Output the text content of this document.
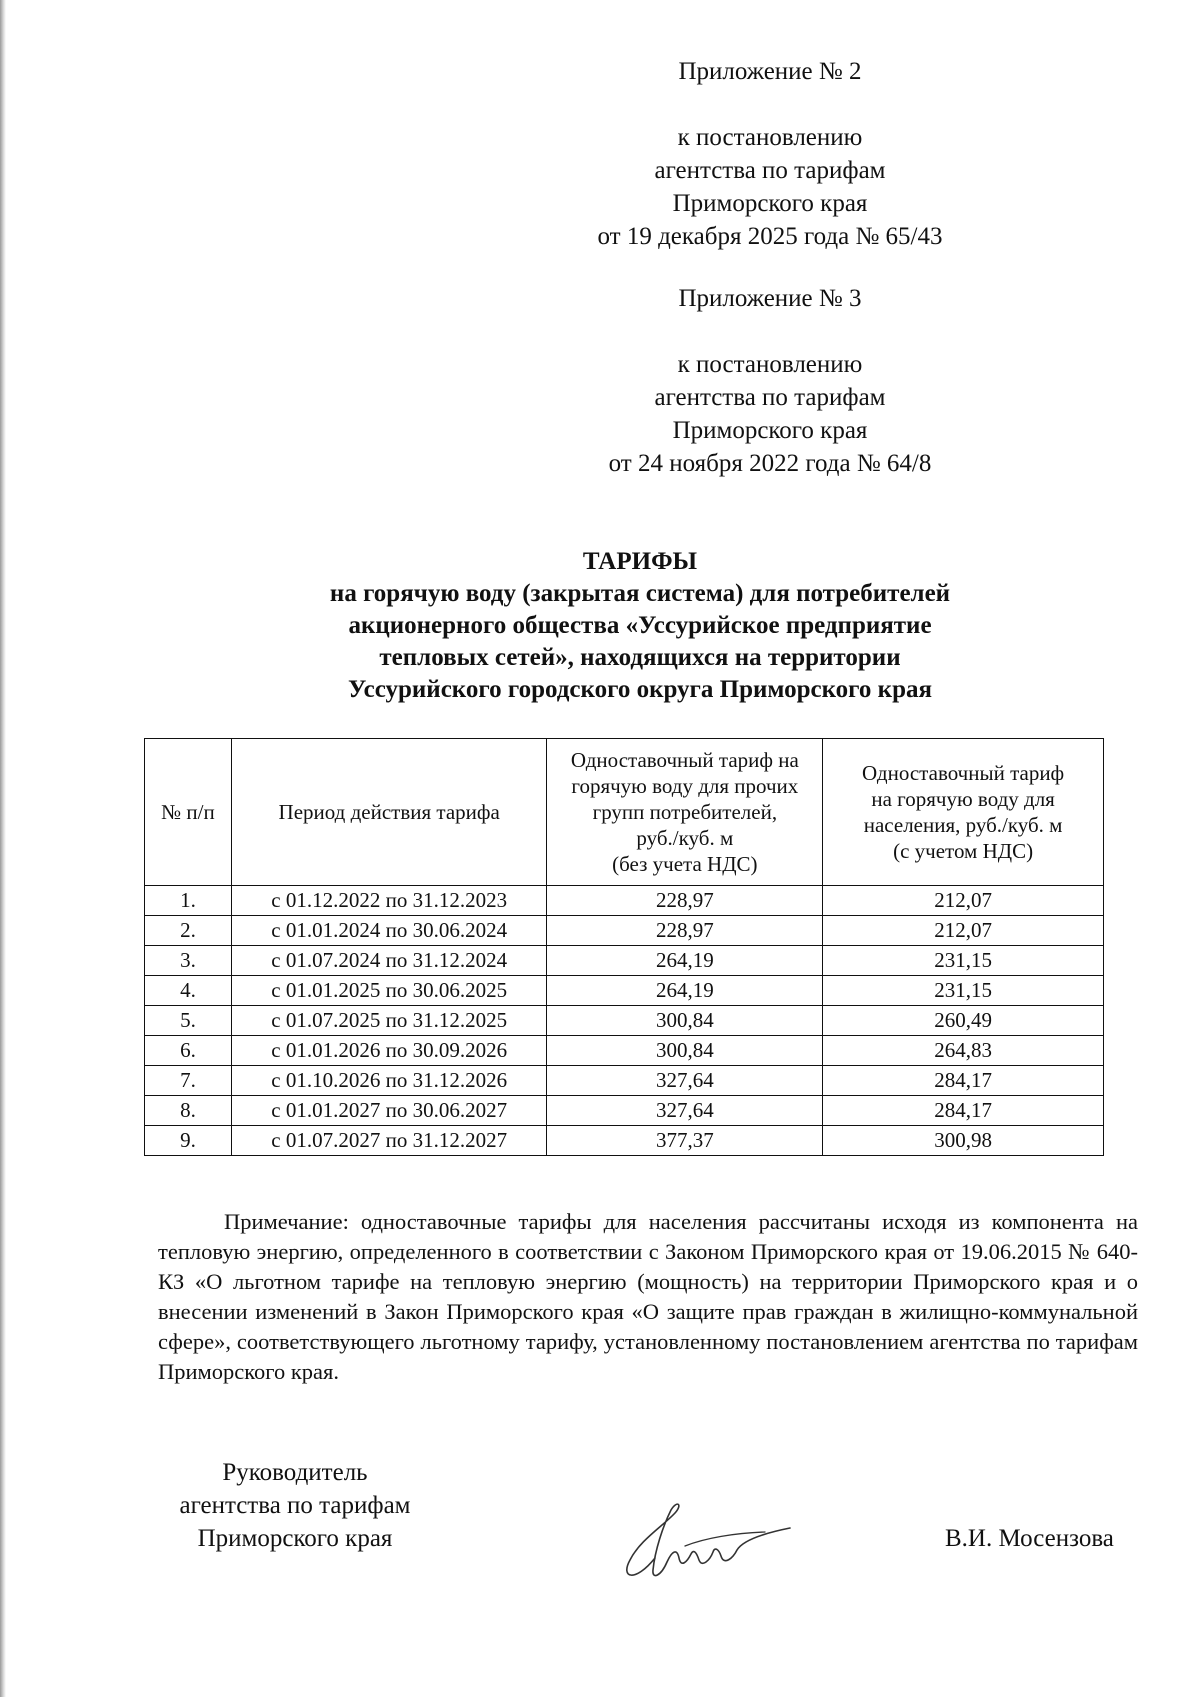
Приложение № 2
к постановлению
агентства по тарифам
Приморского края
от 19 декабря 2025 года № 65/43
Приложение № 3
к постановлению
агентства по тарифам
Приморского края
от 24 ноября 2022 года № 64/8
ТАРИФЫ
на горячую воду (закрытая система) для потребителей
акционерного общества «Уссурийское предприятие
тепловых сетей», находящихся на территории
Уссурийского городского округа Приморского края
№ п/п	Период действия тарифа	Одноставочный тариф на
горячую воду для прочих
групп потребителей,
руб./куб. м
(без учета НДС)	Одноставочный тариф
на горячую воду для
населения, руб./куб. м
(с учетом НДС)
1.	с 01.12.2022 по 31.12.2023	228,97	212,07
2.	с 01.01.2024 по 30.06.2024	228,97	212,07
3.	с 01.07.2024 по 31.12.2024	264,19	231,15
4.	с 01.01.2025 по 30.06.2025	264,19	231,15
5.	с 01.07.2025 по 31.12.2025	300,84	260,49
6.	с 01.01.2026 по 30.09.2026	300,84	264,83
7.	с 01.10.2026 по 31.12.2026	327,64	284,17
8.	с 01.01.2027 по 30.06.2027	327,64	284,17
9.	с 01.07.2027 по 31.12.2027	377,37	300,98

Примечание: одноставочные тарифы для населения рассчитаны исходя из компонента на тепловую энергию, определенного в соответствии с Законом Приморского края от 19.06.2015 № 640-КЗ «О льготном тарифе на тепловую энергию (мощность) на территории Приморского края и о внесении изменений в Закон Приморского края «О защите прав граждан в жилищно-коммунальной сфере», соответствующего льготному тарифу, установленному постановлением агентства по тарифам Приморского края.

Руководитель
агентства по тарифам
Приморского края	В.И. Мосензова
